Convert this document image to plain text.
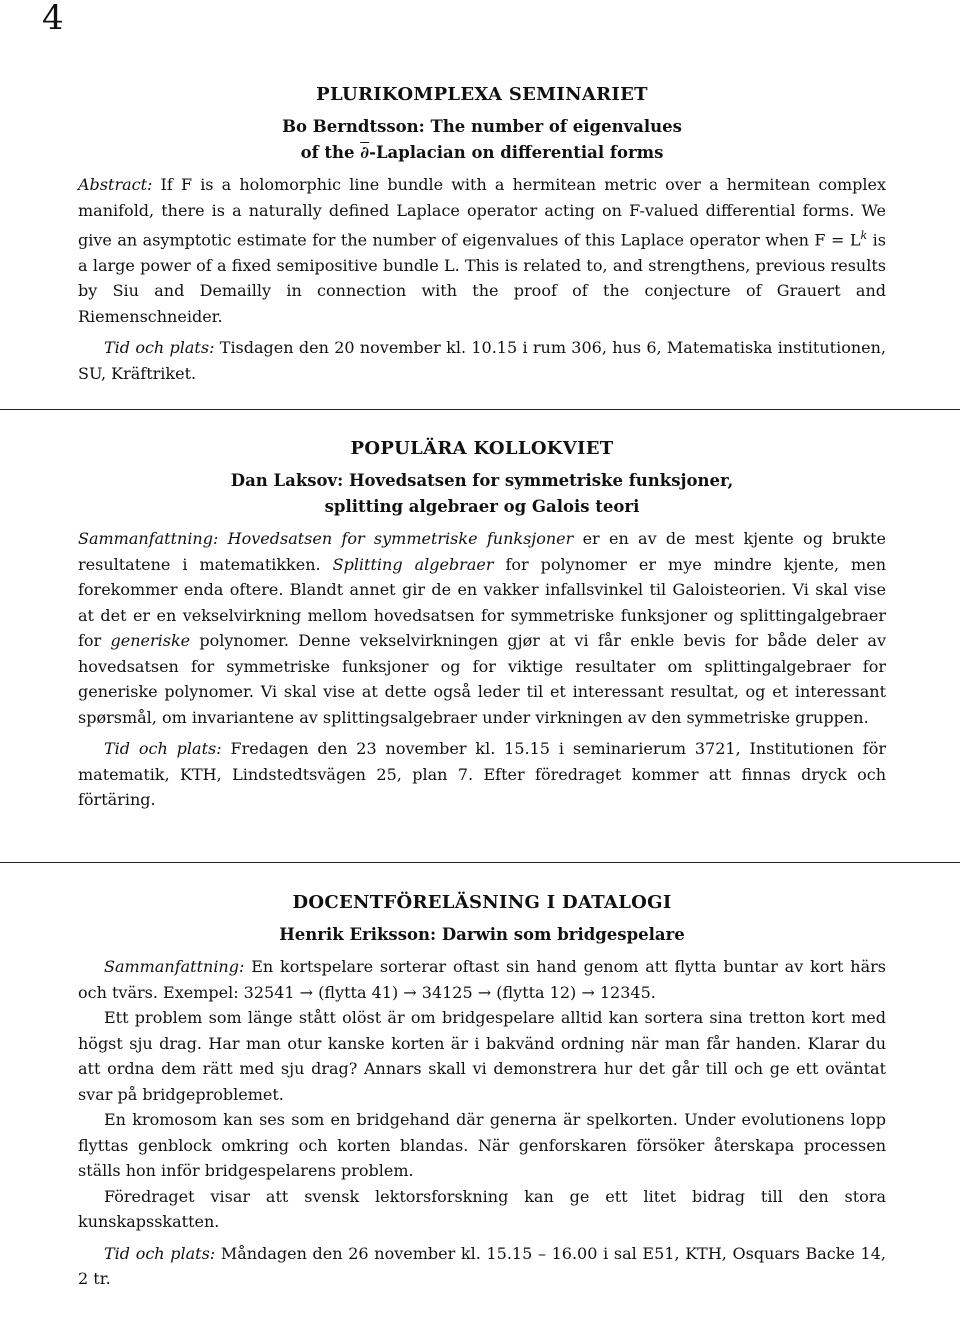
4
PLURIKOMPLEXA SEMINARIET
Bo Berndtsson: The number of eigenvalues
of the ∂-Laplacian on differential forms

Abstract: If F is a holomorphic line bundle with a hermitean metric over a hermitean complex manifold, there is a naturally defined Laplace operator acting on F-valued differential forms. We give an asymptotic estimate for the number of eigenvalues of this Laplace operator when $F = L^k$ is a large power of a fixed semipositive bundle L. This is related to, and strengthens, previous results by Siu and Demailly in connection with the proof of the conjecture of Grauert and Riemenschneider.

Tid och plats: Tisdagen den 20 november kl. 10.15 i rum 306, hus 6, Matematiska institutionen, SU, Kräftriket.

POPULÄRA KOLLOKVIET
Dan Laksov: Hovedsatsen for symmetriske funksjoner,
splitting algebraer og Galois teori

Sammanfattning: Hovedsatsen for symmetriske funksjoner er en av de mest kjente og brukte resultatene i matematikken. Splitting algebraer for polynomer er mye mindre kjente, men forekommer enda oftere. Blandt annet gir de en vakker infallsvinkel til Galoisteorien. Vi skal vise at det er en vekselvirkning mellom hovedsatsen for symmetriske funksjoner og splittingalgebraer for generiske polynomer. Denne vekselvirkningen gjør at vi får enkle bevis for både deler av hovedsatsen for symmetriske funksjoner og for viktige resultater om splittingalgebraer for generiske polynomer. Vi skal vise at dette også leder til et interessant resultat, og et interessant spørsmål, om invariantene av splittingsalgebraer under virkningen av den symmetriske gruppen.

Tid och plats: Fredagen den 23 november kl. 15.15 i seminarierum 3721, Institutionen för matematik, KTH, Lindstedtsvägen 25, plan 7. Efter föredraget kommer att finnas dryck och förtäring.

DOCENTFÖRELÄSNING I DATALOGI
Henrik Eriksson: Darwin som bridgespelare

Sammanfattning: En kortspelare sorterar oftast sin hand genom att flytta buntar av kort härs och tvärs. Exempel: 32541 → (flytta 41) → 34125 → (flytta 12) → 12345.

Ett problem som länge stått olöst är om bridgespelare alltid kan sortera sina tretton kort med högst sju drag. Har man otur kanske korten är i bakvänd ordning när man får handen. Klarar du att ordna dem rätt med sju drag? Annars skall vi demonstrera hur det går till och ge ett oväntat svar på bridgeproblemet.

En kromosom kan ses som en bridgehand där generna är spelkorten. Under evolutionens lopp flyttas genblock omkring och korten blandas. När genforskaren försöker återskapa processen ställs hon inför bridgespelarens problem.

Föredraget visar att svensk lektorsforskning kan ge ett litet bidrag till den stora kunskapsskatten.

Tid och plats: Måndagen den 26 november kl. 15.15 – 16.00 i sal E51, KTH, Osquars Backe 14, 2 tr.
